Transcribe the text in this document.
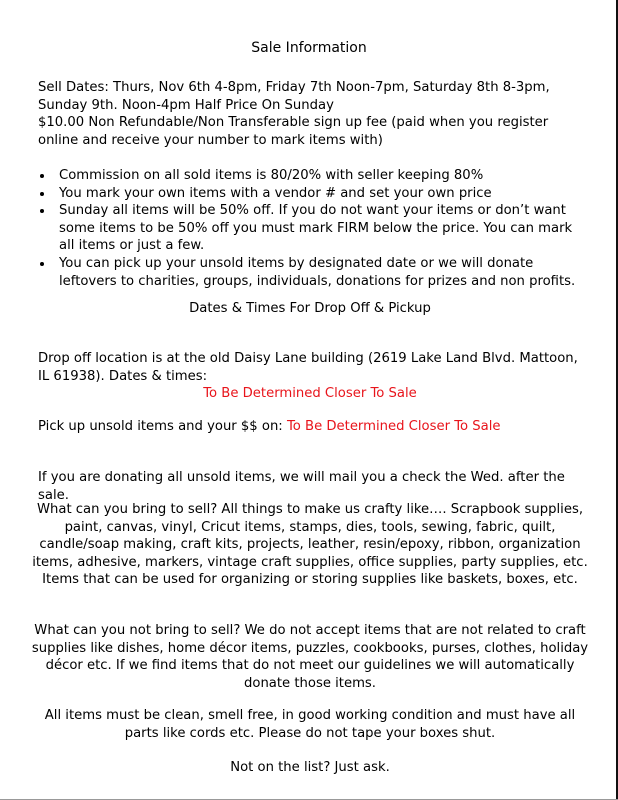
Sale Information

Sell Dates: Thurs, Nov 6th 4-8pm, Friday 7th Noon-7pm, Saturday 8th 8-3pm, Sunday 9th. Noon-4pm Half Price On Sunday

$10.00 Non Refundable/Non Transferable sign up fee (paid when you register online and receive your number to mark items with)

Commission on all sold items is 80/20% with seller keeping 80%
You mark your own items with a vendor # and set your own price
Sunday all items will be 50% off. If you do not want your items or don’t want some items to be 50% off you must mark FIRM below the price. You can mark all items or just a few.
You can pick up your unsold items by designated date or we will donate leftovers to charities, groups, individuals, donations for prizes and non profits.
Dates & Times For Drop Off & Pickup

Drop off location is at the old Daisy Lane building (2619 Lake Land Blvd. Mattoon, IL 61938). Dates & times:

To Be Determined Closer To Sale
Pick up unsold items and your $$ on: To Be Determined Closer To Sale
If you are donating all unsold items, we will mail you a check the Wed. after the sale.
What can you bring to sell? All things to make us crafty like…. Scrapbook supplies, paint, canvas, vinyl, Cricut items, stamps, dies, tools, sewing, fabric, quilt, candle/soap making, craft kits, projects, leather, resin/epoxy, ribbon, organization items, adhesive, markers, vintage craft supplies, office supplies, party supplies, etc. Items that can be used for organizing or storing supplies like baskets, boxes, etc.
What can you not bring to sell? We do not accept items that are not related to craft supplies like dishes, home décor items, puzzles, cookbooks, purses, clothes, holiday décor etc. If we find items that do not meet our guidelines we will automatically donate those items.
All items must be clean, smell free, in good working condition and must have all parts like cords etc. Please do not tape your boxes shut.
Not on the list? Just ask.
